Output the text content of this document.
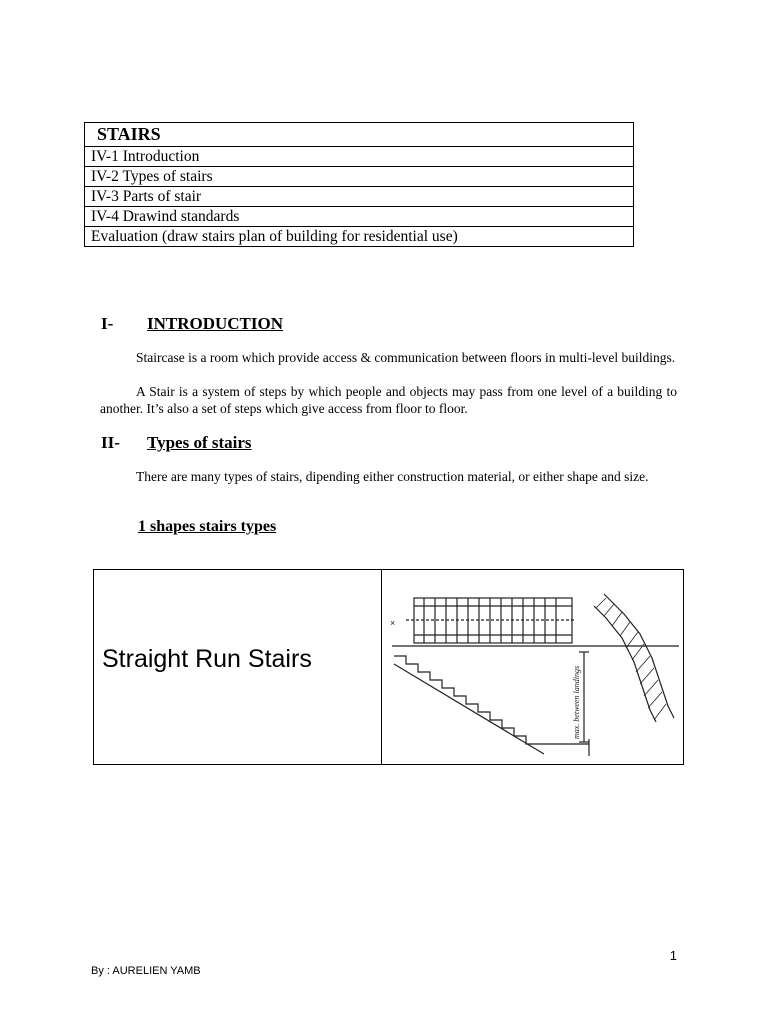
STAIRS
IV-1 Introduction
IV-2 Types of stairs
IV-3 Parts of stair
IV-4 Drawind standards
Evaluation (draw stairs plan of building for residential use)
I- INTRODUCTION

Staircase is a room which provide access & communication between floors in multi-level buildings.

A Stair is a system of steps by which people and objects may pass from one level of a building to another. It’s also a set of steps which give access from floor to floor.

II- Types of stairs

There are many types of stairs, dipending either construction material, or either shape and size.

1 shapes stairs types
Straight Run Stairs
×
max. between landings
1
By : AURELIEN YAMB
